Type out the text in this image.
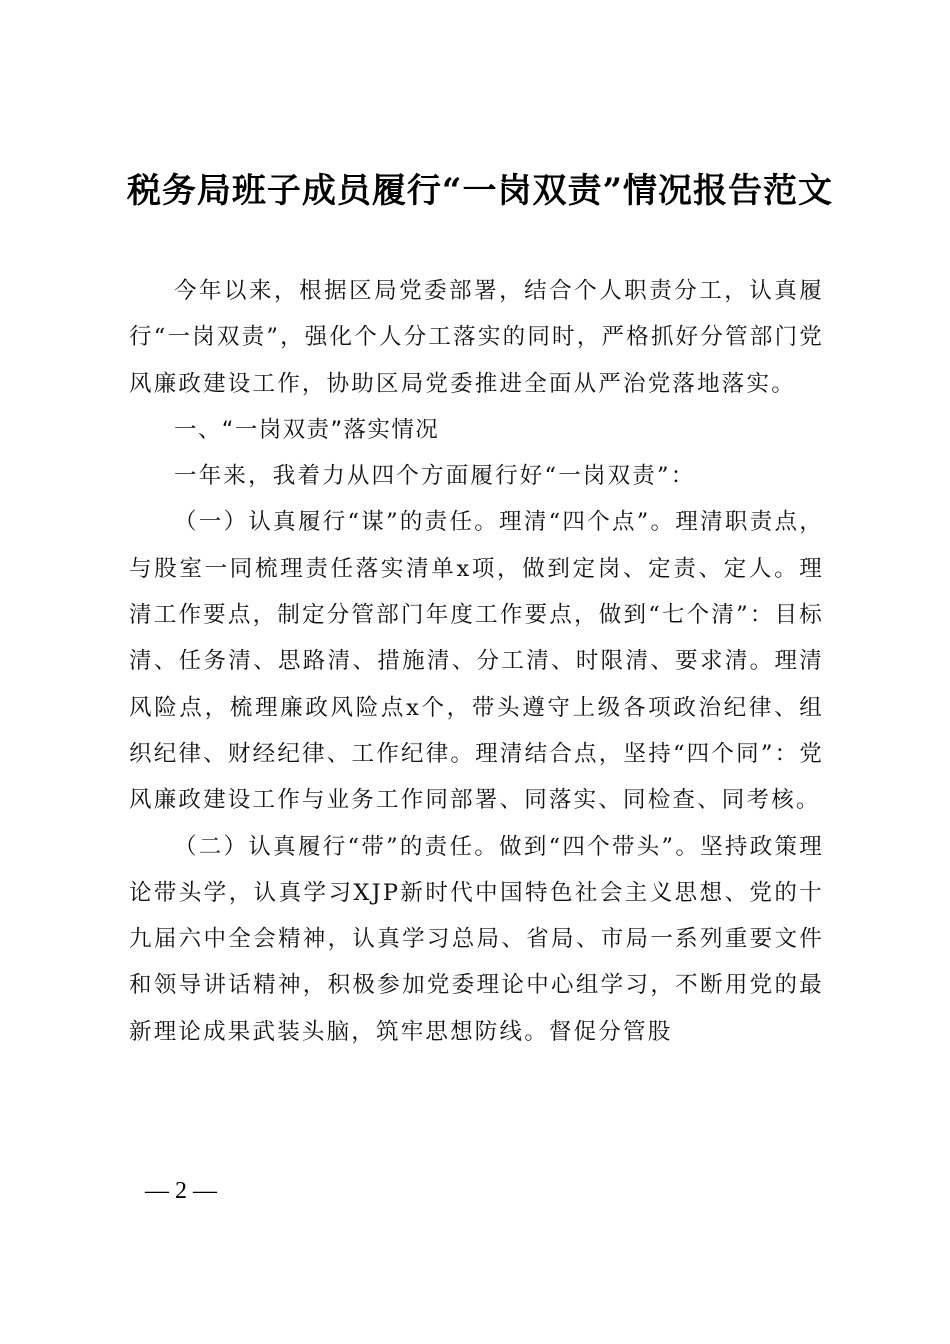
税务局班子成员履行“一岗双责”情况报告范文

今年以来，根据区局党委部署，结合个人职责分工，认真履行“一岗双责”，强化个人分工落实的同时，严格抓好分管部门党风廉政建设工作，协助区局党委推进全面从严治党落地落实。

一、“一岗双责”落实情况

一年来，我着力从四个方面履行好“一岗双责”：

（一）认真履行“谋”的责任。理清“四个点”。理清职责点，与股室一同梳理责任落实清单x项，做到定岗、定责、定人。理清工作要点，制定分管部门年度工作要点，做到“七个清”：目标清、任务清、思路清、措施清、分工清、时限清、要求清。理清风险点，梳理廉政风险点x个，带头遵守上级各项政治纪律、组织纪律、财经纪律、工作纪律。理清结合点，坚持“四个同”：党风廉政建设工作与业务工作同部署、同落实、同检查、同考核。

（二）认真履行“带”的责任。做到“四个带头”。坚持政策理论带头学，认真学习XJP新时代中国特色社会主义思想、党的十九届六中全会精神，认真学习总局、省局、市局一系列重要文件和领导讲话精神，积极参加党委理论中心组学习，不断用党的最新理论成果武装头脑，筑牢思想防线。督促分管股

— 2 —
